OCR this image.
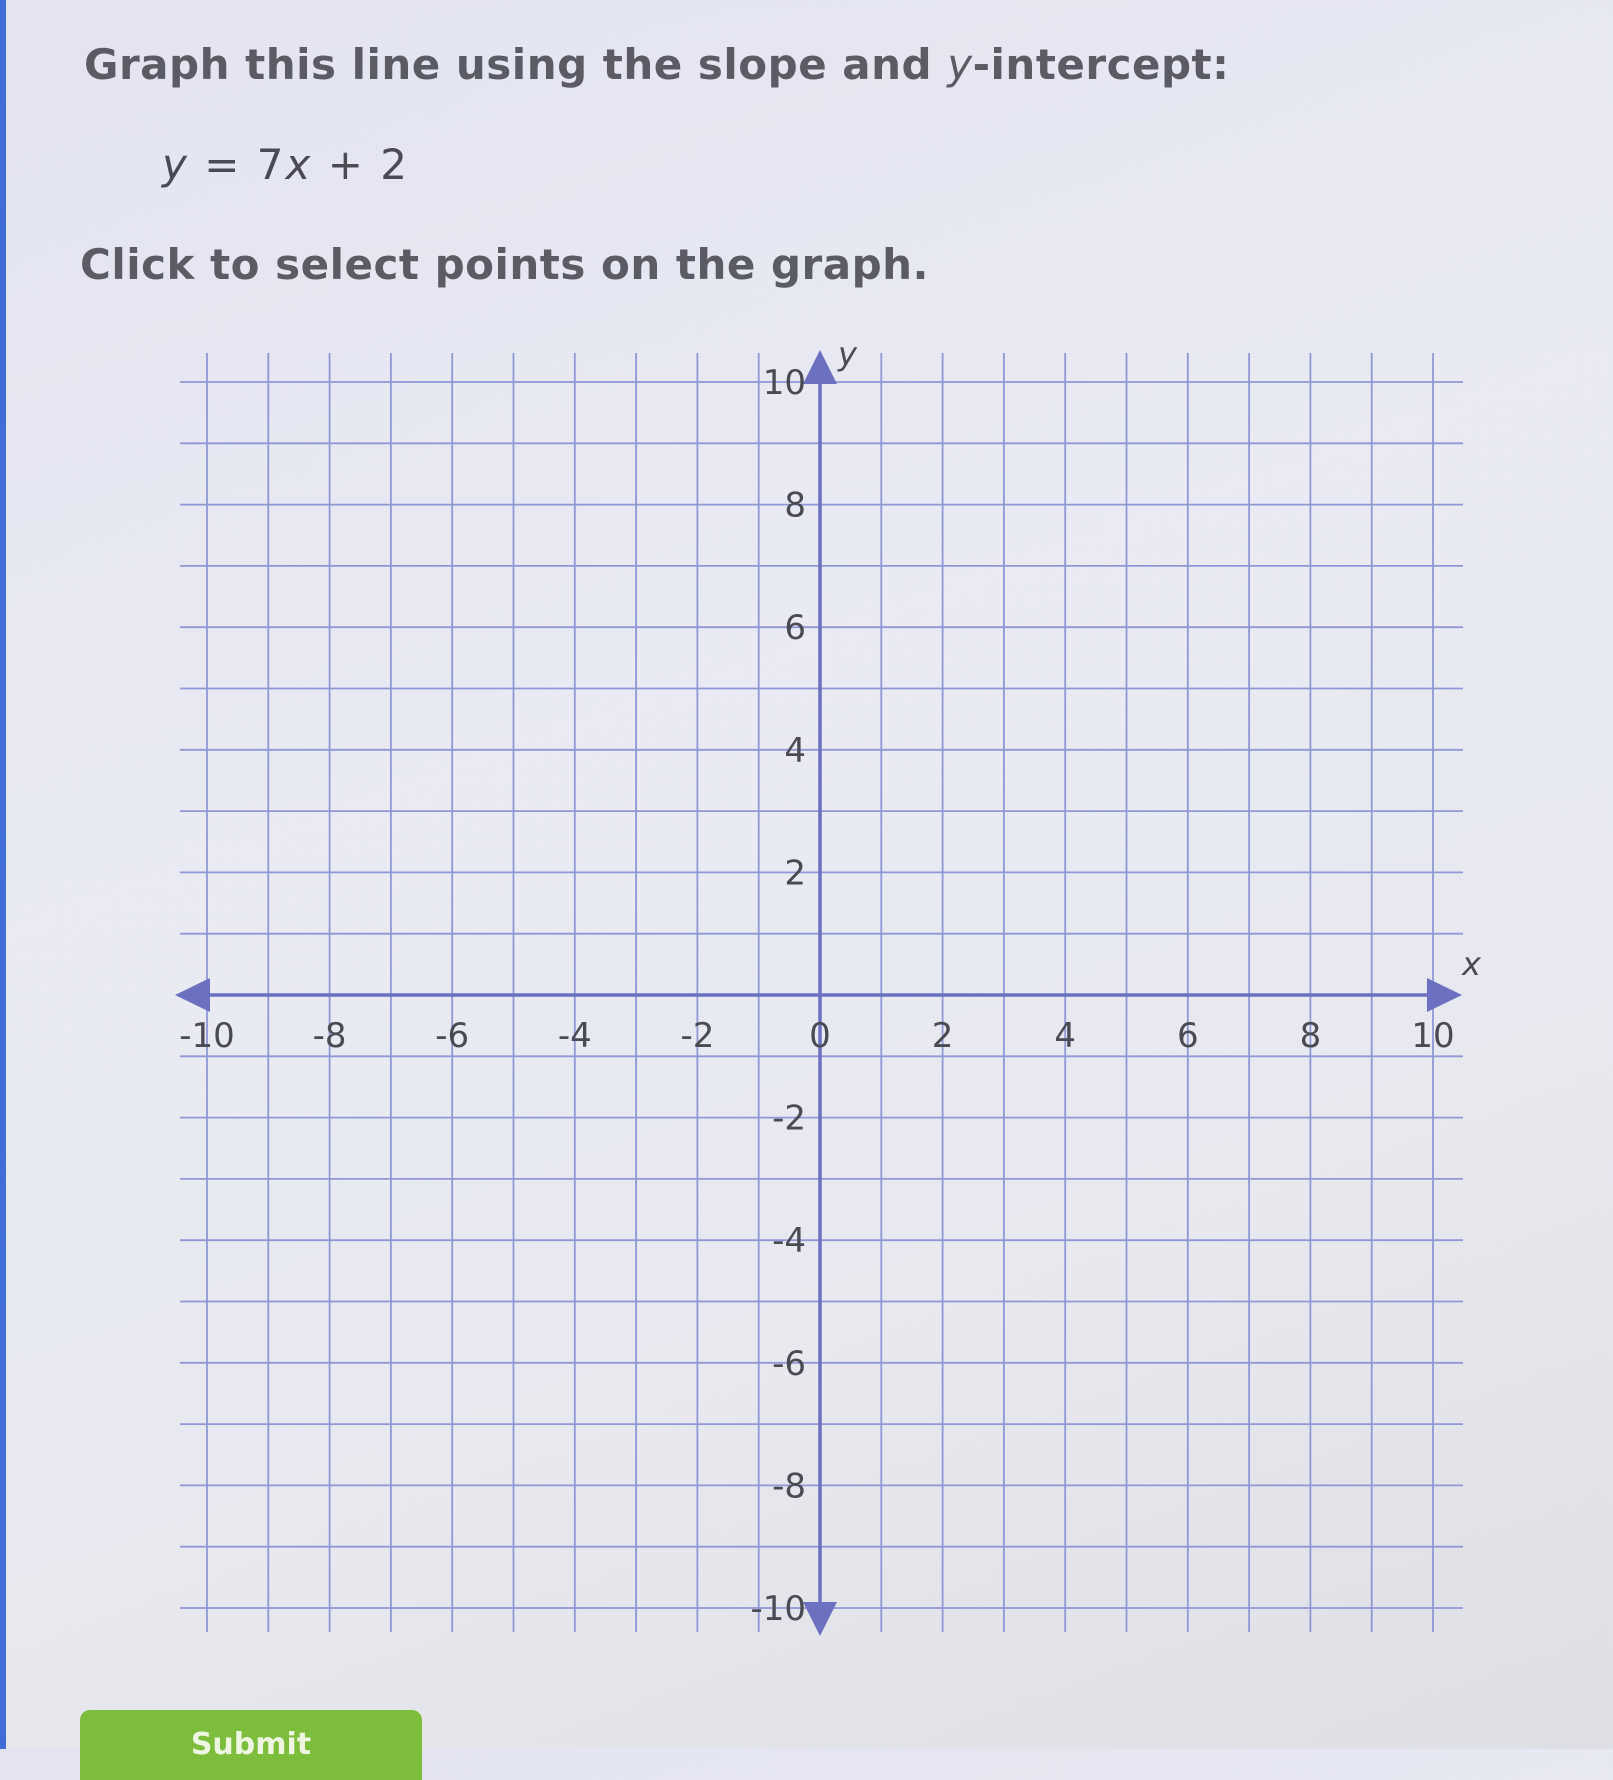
Graph this line using the slope and y-intercept:
y = 7x + 2

Click to select points on the graph.

-10 -8	-6	-4	-2	0	2	4	6	8	10
10
8
6
4
2
-2
-4
-6
-8
-10
x
y
Submit
